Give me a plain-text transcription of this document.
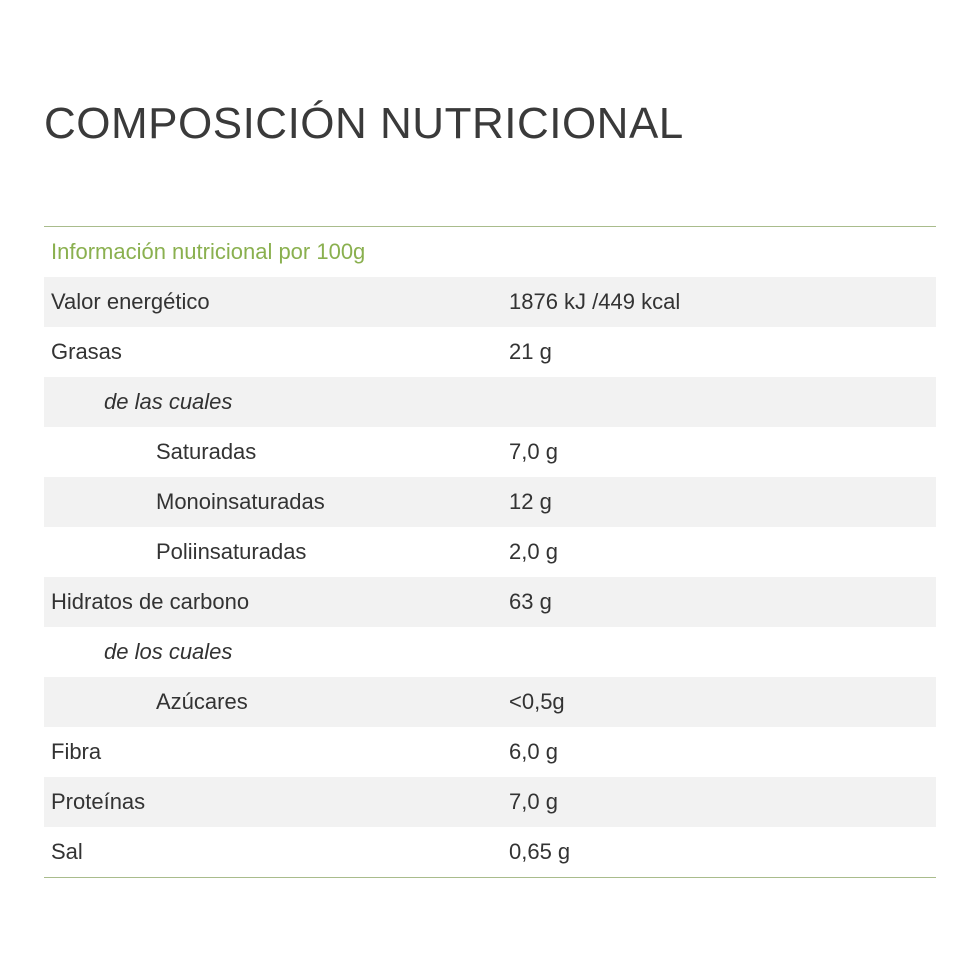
COMPOSICIÓN NUTRICIONAL
Información nutricional por 100g
Valor energético	1876 kJ /449 kcal
Grasas	21 g
de las cuales
Saturadas	7,0 g
Monoinsaturadas	12 g
Poliinsaturadas	2,0 g
Hidratos de carbono	63 g
de los cuales
Azúcares	<0,5g
Fibra	6,0 g
Proteínas	7,0 g
Sal	0,65 g
